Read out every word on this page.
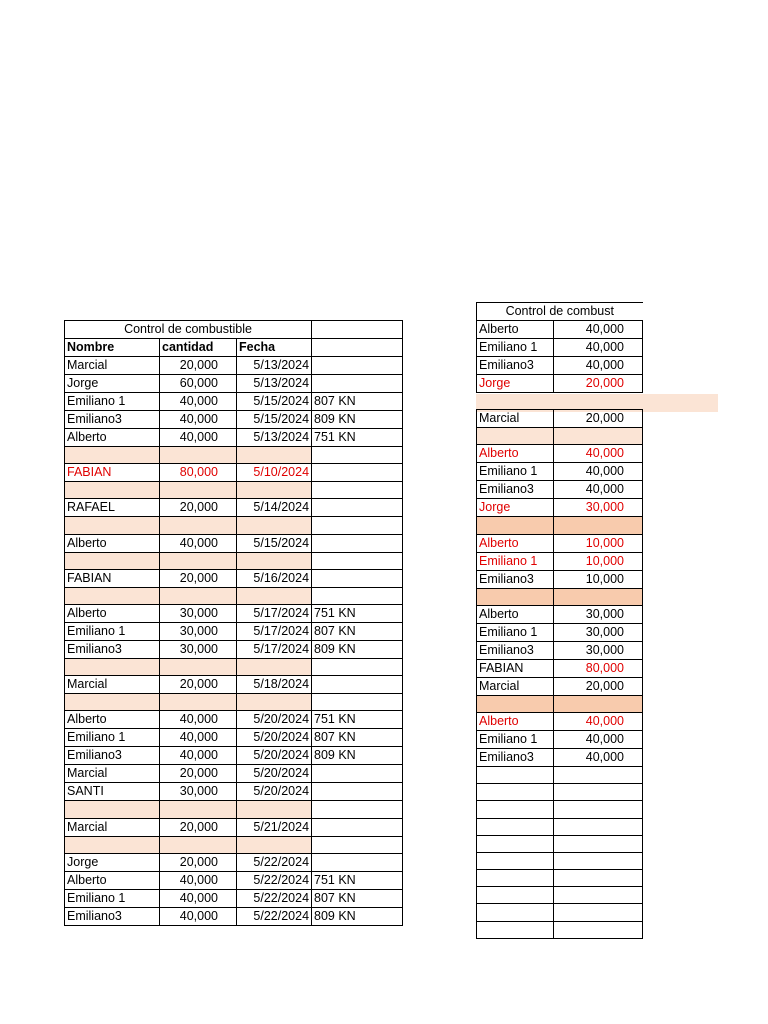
Control de combustible			
Nombre	cantidad	Fecha	
Marcial	20,000	5/13/2024	
Jorge	60,000	5/13/2024	
Emiliano 1	40,000	5/15/2024	807 KN
Emiliano3	40,000	5/15/2024	809 KN
Alberto	40,000	5/13/2024	751 KN

FABIAN	80,000	5/10/2024	

RAFAEL	20,000	5/14/2024	

Alberto	40,000	5/15/2024	

FABIAN	20,000	5/16/2024	

Alberto	30,000	5/17/2024	751 KN
Emiliano 1	30,000	5/17/2024	807 KN
Emiliano3	30,000	5/17/2024	809 KN

Marcial	20,000	5/18/2024	

Alberto	40,000	5/20/2024	751 KN
Emiliano 1	40,000	5/20/2024	807 KN
Emiliano3	40,000	5/20/2024	809 KN
Marcial	20,000	5/20/2024	
SANTI	30,000	5/20/2024	

Marcial	20,000	5/21/2024	

Jorge	20,000	5/22/2024	
Alberto	40,000	5/22/2024	751 KN
Emiliano 1	40,000	5/22/2024	807 KN
Emiliano3	40,000	5/22/2024	809 KN
Control de combust	
Alberto	40,000
Emiliano 1	40,000
Emiliano3	40,000
Jorge	20,000

Marcial	20,000

Alberto	40,000
Emiliano 1	40,000
Emiliano3	40,000
Jorge	30,000

Alberto	10,000
Emiliano 1	10,000
Emiliano3	10,000

Alberto	30,000
Emiliano 1	30,000
Emiliano3	30,000
FABIAN	80,000
Marcial	20,000

Alberto	40,000
Emiliano 1	40,000
Emiliano3	40,000
